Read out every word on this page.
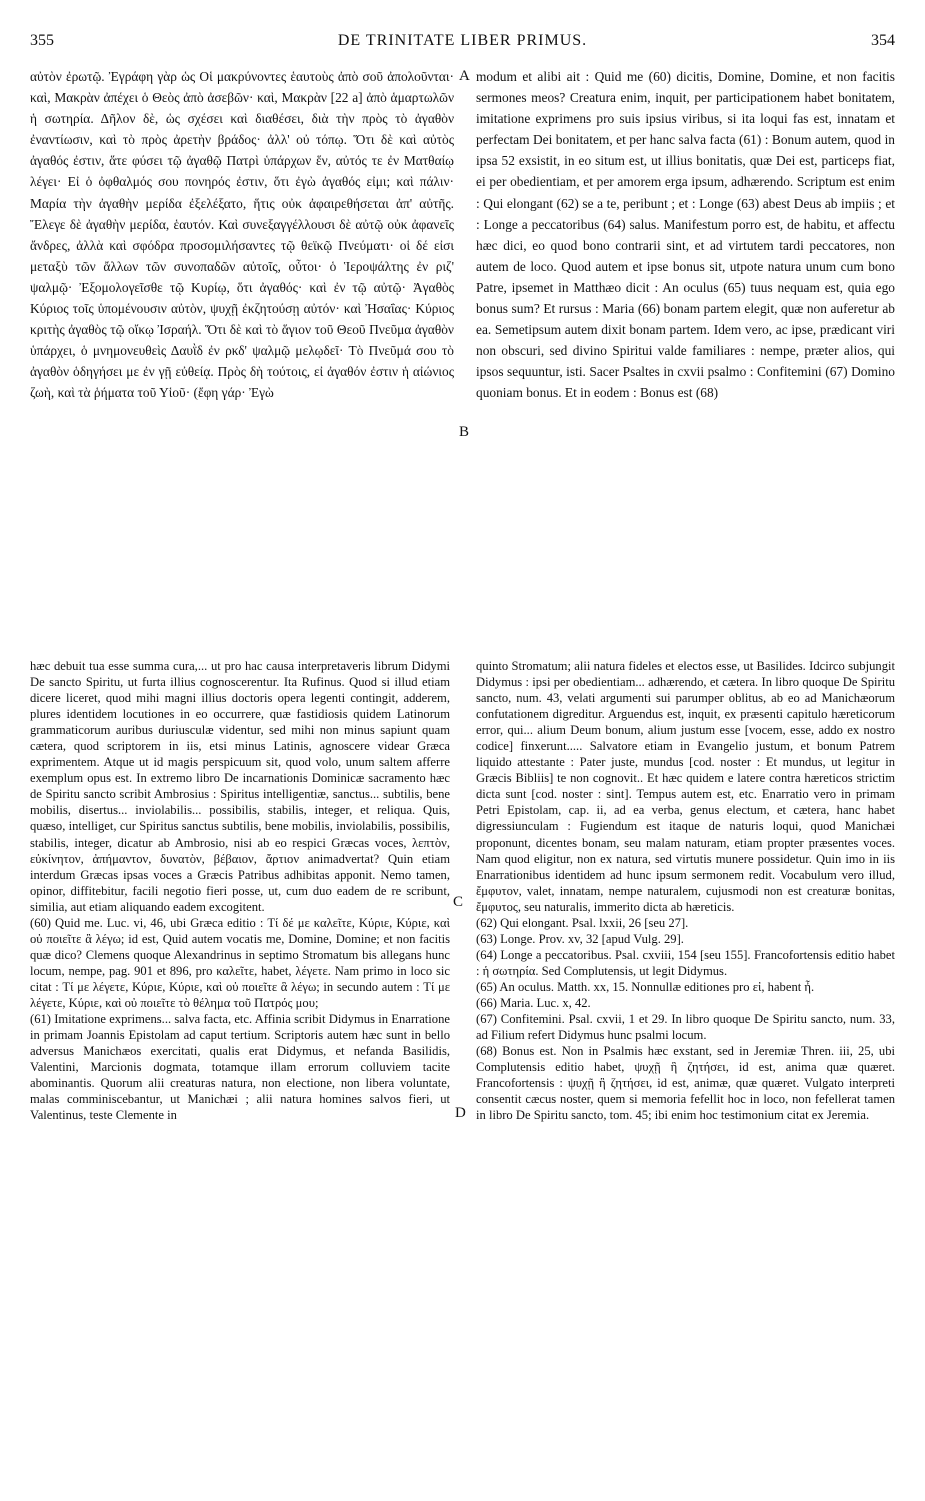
355	DE TRINITATE LIBER PRIMUS.	354

αὐτὸν ἐρωτῷ. Ἐγράφη γὰρ ὡς Οἱ μακρύνοντες ἑαυτοὺς ἀπὸ σοῦ ἀπολοῦνται· καὶ, Μακρὰν ἀπέχει ὁ Θεὸς ἀπὸ ἀσεβῶν· καὶ, Μακρὰν [22 a] ἀπὸ ἁμαρτωλῶν ἡ σωτηρία. Δῆλον δὲ, ὡς σχέσει καὶ διαθέσει, διὰ τὴν πρὸς τὸ ἀγαθὸν ἐναντίωσιν, καὶ τὸ πρὸς ἀρετὴν βράδος· ἀλλ' οὐ τόπῳ. Ὅτι δὲ καὶ αὐτὸς ἀγαθός ἐστιν, ἅτε φύσει τῷ ἀγαθῷ Πατρὶ ὑπάρχων ἕν, αὐτός τε ἐν Ματθαίῳ λέγει· Εἰ ὁ ὀφθαλμός σου πονηρός ἐστιν, ὅτι ἐγὼ ἀγαθός εἰμι; καὶ πάλιν· Μαρία τὴν ἀγαθὴν μερίδα ἐξελέξατο, ἥτις οὐκ ἀφαιρεθήσεται ἀπ' αὐτῆς. Ἔλεγε δὲ ἀγαθὴν μερίδα, ἑαυτόν. Καὶ συνεξαγγέλλουσι δὲ αὐτῷ οὐκ ἀφανεῖς ἄνδρες, ἀλλὰ καὶ σφόδρα προσομιλήσαντες τῷ θεϊκῷ Πνεύματι· οἱ δέ εἰσι μεταξὺ τῶν ἄλλων τῶν συνοπαδῶν αὐτοῖς, οὗτοι· ὁ Ἱεροψάλτης ἐν ριζ' ψαλμῷ· Ἐξομολογεῖσθε τῷ Κυρίῳ, ὅτι ἀγαθός· καὶ ἐν τῷ αὐτῷ· Ἀγαθὸς Κύριος τοῖς ὑπομένουσιν αὐτὸν, ψυχῇ ἐκζητούσῃ αὐτόν· καὶ Ἠσαΐας· Κύριος κριτὴς ἀγαθὸς τῷ οἴκῳ Ἰσραήλ. Ὅτι δὲ καὶ τὸ ἅγιον τοῦ Θεοῦ Πνεῦμα ἀγαθὸν ὑπάρχει, ὁ μνημονευθεὶς Δαυῒδ ἐν ρκδ' ψαλμῷ μελῳδεῖ· Τὸ Πνεῦμά σου τὸ ἀγαθὸν ὁδηγήσει με ἐν γῇ εὐθείᾳ. Πρὸς δὴ τούτοις, εἰ ἀγαθόν ἐστιν ἡ αἰώνιος ζωὴ, καὶ τὰ ῥήματα τοῦ Υἱοῦ· (ἔφη γάρ· Ἐγὼ

modum et alibi ait : Quid me (60) dicitis, Domine, Domine, et non facitis sermones meos? Creatura enim, inquit, per participationem habet bonitatem, imitatione exprimens pro suis ipsius viribus, si ita loqui fas est, innatam et perfectam Dei bonitatem, et per hanc salva facta (61) : Bonum autem, quod in ipsa 52 exsistit, in eo situm est, ut illius bonitatis, quæ Dei est, particeps fiat, ei per obedientiam, et per amorem erga ipsum, adhærendo. Scriptum est enim : Qui elongant (62) se a te, peribunt ; et : Longe (63) abest Deus ab impiis ; et : Longe a peccatoribus (64) salus. Manifestum porro est, de habitu, et affectu hæc dici, eo quod bono contrarii sint, et ad virtutem tardi peccatores, non autem de loco. Quod autem et ipse bonus sit, utpote natura unum cum bono Patre, ipsemet in Matthæo dicit : An oculus (65) tuus nequam est, quia ego bonus sum? Et rursus : Maria (66) bonam partem elegit, quæ non auferetur ab ea. Semetipsum autem dixit bonam partem. Idem vero, ac ipse, prædicant viri non obscuri, sed divino Spiritui valde familiares : nempe, præter alios, qui ipsos sequuntur, isti. Sacer Psaltes in cxvii psalmo : Confitemini (67) Domino quoniam bonus. Et in eodem : Bonus est (68)

A
B
C
D

hæc debuit tua esse summa cura,... ut pro hac causa interpretaveris librum Didymi De sancto Spiritu, ut furta illius cognoscerentur. Ita Rufinus. Quod si illud etiam dicere liceret, quod mihi magni illius doctoris opera legenti contingit, adderem, plures identidem locutiones in eo occurrere, quæ fastidiosis quidem Latinorum grammaticorum auribus duriusculæ videntur, sed mihi non minus sapiunt quam cætera, quod scriptorem in iis, etsi minus Latinis, agnoscere videar Græca exprimentem. Atque ut id magis perspicuum sit, quod volo, unum saltem afferre exemplum opus est. In extremo libro De incarnationis Dominicæ sacramento hæc de Spiritu sancto scribit Ambrosius : Spiritus intelligentiæ, sanctus... subtilis, bene mobilis, disertus... inviolabilis... possibilis, stabilis, integer, et reliqua. Quis, quæso, intelliget, cur Spiritus sanctus subtilis, bene mobilis, inviolabilis, possibilis, stabilis, integer, dicatur ab Ambrosio, nisi ab eo respici Græcas voces, λεπτὸν, εὐκίνητον, ἀπήμαντον, δυνατὸν, βέβαιον, ἄρτιον animadvertat? Quin etiam interdum Græcas ipsas voces a Græcis Patribus adhibitas apponit. Nemo tamen, opinor, diffitebitur, facili negotio fieri posse, ut, cum duo eadem de re scribunt, similia, aut etiam aliquando eadem excogitent.

(60) Quid me. Luc. vi, 46, ubi Græca editio : Τί δέ με καλεῖτε, Κύριε, Κύριε, καὶ οὐ ποιεῖτε ἃ λέγω; id est, Quid autem vocatis me, Domine, Domine; et non facitis quæ dico? Clemens quoque Alexandrinus in septimo Stromatum bis allegans hunc locum, nempe, pag. 901 et 896, pro καλεῖτε, habet, λέγετε. Nam primo in loco sic citat : Τί με λέγετε, Κύριε, Κύριε, καὶ οὐ ποιεῖτε ἃ λέγω; in secundo autem : Τί με λέγετε, Κύριε, καὶ οὐ ποιεῖτε τὸ θέλημα τοῦ Πατρός μου;

(61) Imitatione exprimens... salva facta, etc. Affinia scribit Didymus in Enarratione in primam Joannis Epistolam ad caput tertium. Scriptoris autem hæc sunt in bello adversus Manichæos exercitati, qualis erat Didymus, et nefanda Basilidis, Valentini, Marcionis dogmata, totamque illam errorum colluviem tacite abominantis. Quorum alii creaturas natura, non electione, non libera voluntate, malas comminiscebantur, ut Manichæi ; alii natura homines salvos fieri, ut Valentinus, teste Clemente in

quinto Stromatum; alii natura fideles et electos esse, ut Basilides. Idcirco subjungit Didymus : ipsi per obedientiam... adhærendo, et cætera. In libro quoque De Spiritu sancto, num. 43, velati argumenti sui parumper oblitus, ab eo ad Manichæorum confutationem digreditur. Arguendus est, inquit, ex præsenti capitulo hæreticorum error, qui... alium Deum bonum, alium justum esse [vocem, esse, addo ex nostro codice] finxerunt..... Salvatore etiam in Evangelio justum, et bonum Patrem liquido attestante : Pater juste, mundus [cod. noster : Et mundus, ut legitur in Græcis Bibliis] te non cognovit.. Et hæc quidem e latere contra hæreticos strictim dicta sunt [cod. noster : sint]. Tempus autem est, etc. Enarratio vero in primam Petri Epistolam, cap. ii, ad ea verba, genus electum, et cætera, hanc habet digressiunculam : Fugiendum est itaque de naturis loqui, quod Manichæi proponunt, dicentes bonam, seu malam naturam, etiam propter præsentes voces. Nam quod eligitur, non ex natura, sed virtutis munere possidetur. Quin imo in iis Enarrationibus identidem ad hunc ipsum sermonem redit. Vocabulum vero illud, ἔμφυτον, valet, innatam, nempe naturalem, cujusmodi non est creaturæ bonitas, ἔμφυτος, seu naturalis, immerito dicta ab hæreticis.

(62) Qui elongant. Psal. lxxii, 26 [seu 27].

(63) Longe. Prov. xv, 32 [apud Vulg. 29].

(64) Longe a peccatoribus. Psal. cxviii, 154 [seu 155]. Francofortensis editio habet : ἡ σωτηρία. Sed Complutensis, ut legit Didymus.

(65) An oculus. Matth. xx, 15. Nonnullæ editiones pro εἰ, habent ἦ.

(66) Maria. Luc. x, 42.

(67) Confitemini. Psal. cxvii, 1 et 29. In libro quoque De Spiritu sancto, num. 33, ad Filium refert Didymus hunc psalmi locum.

(68) Bonus est. Non in Psalmis hæc exstant, sed in Jeremiæ Thren. iii, 25, ubi Complutensis editio habet, ψυχῇ ἣ ζητήσει, id est, anima quæ quæret. Francofortensis : ψυχῇ ἣ ζητήσει, id est, animæ, quæ quæret. Vulgato interpreti consentit cæcus noster, quem si memoria fefellit hoc in loco, non fefellerat tamen in libro De Spiritu sancto, tom. 45; ibi enim hoc testimonium citat ex Jeremia.
